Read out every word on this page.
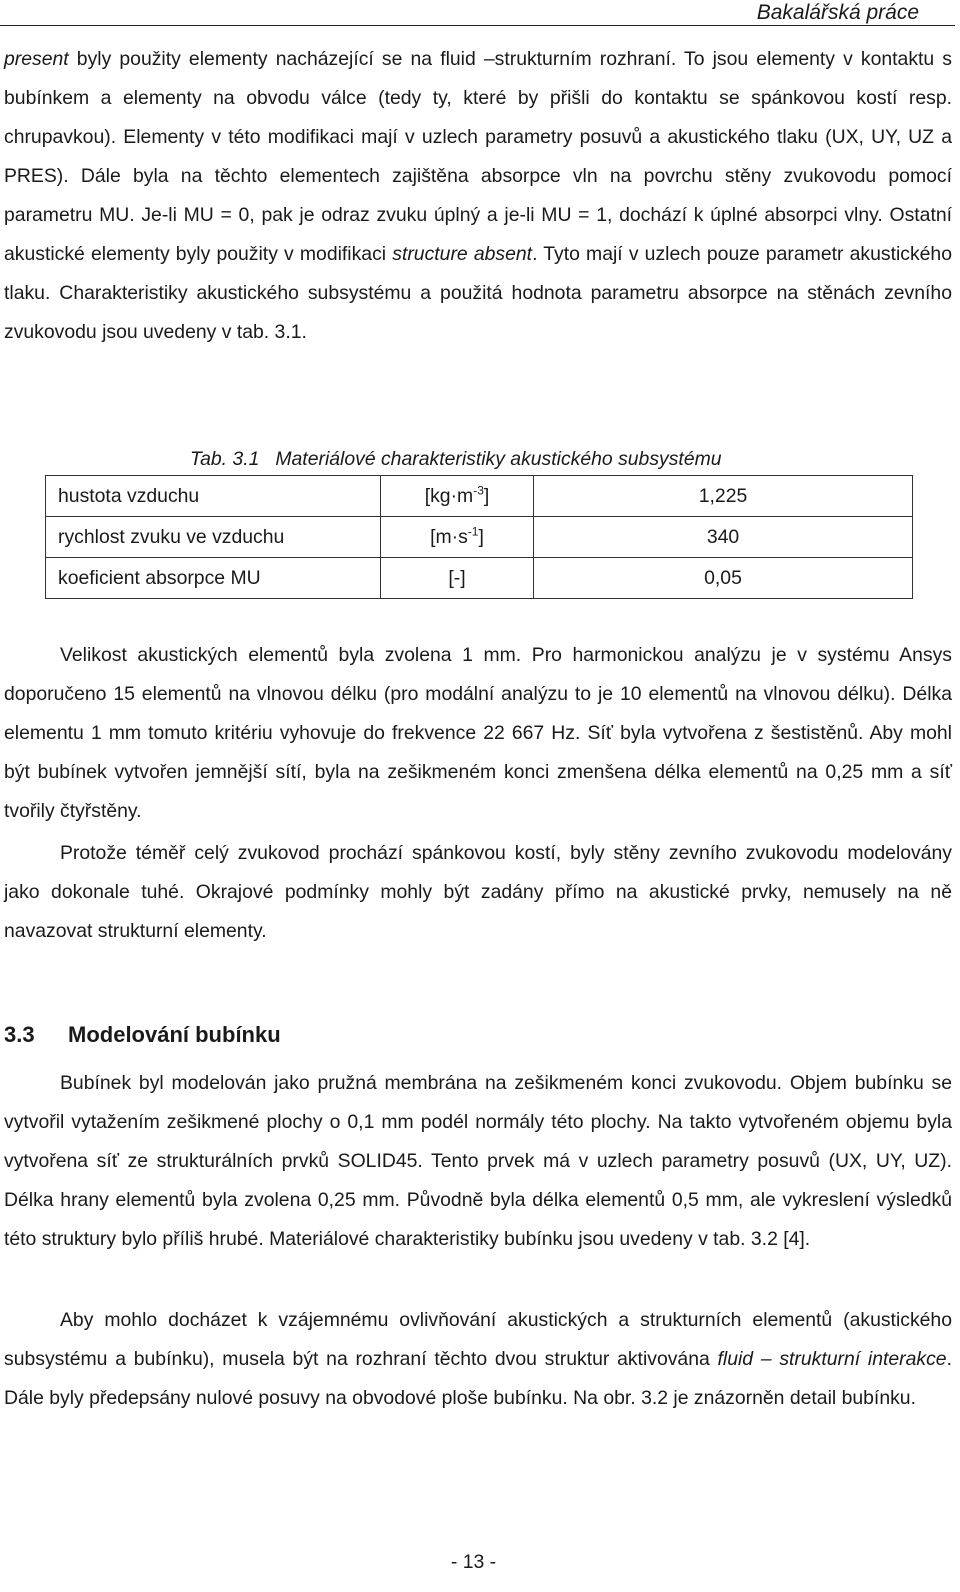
Bakalářská práce

present byly použity elementy nacházející se na fluid –strukturním rozhraní. To jsou elementy v kontaktu s bubínkem a elementy na obvodu válce (tedy ty, které by přišli do kontaktu se spánkovou kostí resp. chrupavkou). Elementy v této modifikaci mají v uzlech parametry posuvů a akustického tlaku (UX, UY, UZ a PRES). Dále byla na těchto elementech zajištěna absorpce vln na povrchu stěny zvukovodu pomocí parametru MU. Je-li MU = 0, pak je odraz zvuku úplný a je-li MU = 1, dochází k úplné absorpci vlny. Ostatní akustické elementy byly použity v modifikaci structure absent. Tyto mají v uzlech pouze parametr akustického tlaku. Charakteristiky akustického subsystému a použitá hodnota parametru absorpce na stěnách zevního zvukovodu jsou uvedeny v tab. 3.1.

Tab. 3.1 Materiálové charakteristiky akustického subsystému
hustota vzduchu	$[kg\cdot m^{-3}]$	1,225
rychlost zvuku ve vzduchu	$[m\cdot s^{-1}]$	340
koeficient absorpce MU	[-]	0,05

Velikost akustických elementů byla zvolena 1 mm. Pro harmonickou analýzu je v systému Ansys doporučeno 15 elementů na vlnovou délku (pro modální analýzu to je 10 elementů na vlnovou délku). Délka elementu 1 mm tomuto kritériu vyhovuje do frekvence 22 667 Hz. Síť byla vytvořena z šestistěnů. Aby mohl být bubínek vytvořen jemnější sítí, byla na zešikmeném konci zmenšena délka elementů na 0,25 mm a síť tvořily čtyřstěny.

Protože téměř celý zvukovod prochází spánkovou kostí, byly stěny zevního zvukovodu modelovány jako dokonale tuhé. Okrajové podmínky mohly být zadány přímo na akustické prvky, nemusely na ně navazovat strukturní elementy.

3.3 Modelování bubínku

Bubínek byl modelován jako pružná membrána na zešikmeném konci zvukovodu. Objem bubínku se vytvořil vytažením zešikmené plochy o 0,1 mm podél normály této plochy. Na takto vytvořeném objemu byla vytvořena síť ze strukturálních prvků SOLID45. Tento prvek má v uzlech parametry posuvů (UX, UY, UZ). Délka hrany elementů byla zvolena 0,25 mm. Původně byla délka elementů 0,5 mm, ale vykreslení výsledků této struktury bylo příliš hrubé. Materiálové charakteristiky bubínku jsou uvedeny v tab. 3.2 [4].

Aby mohlo docházet k vzájemnému ovlivňování akustických a strukturních elementů (akustického subsystému a bubínku), musela být na rozhraní těchto dvou struktur aktivována fluid – strukturní interakce. Dále byly předepsány nulové posuvy na obvodové ploše bubínku. Na obr. 3.2 je znázorněn detail bubínku.

- 13 -
